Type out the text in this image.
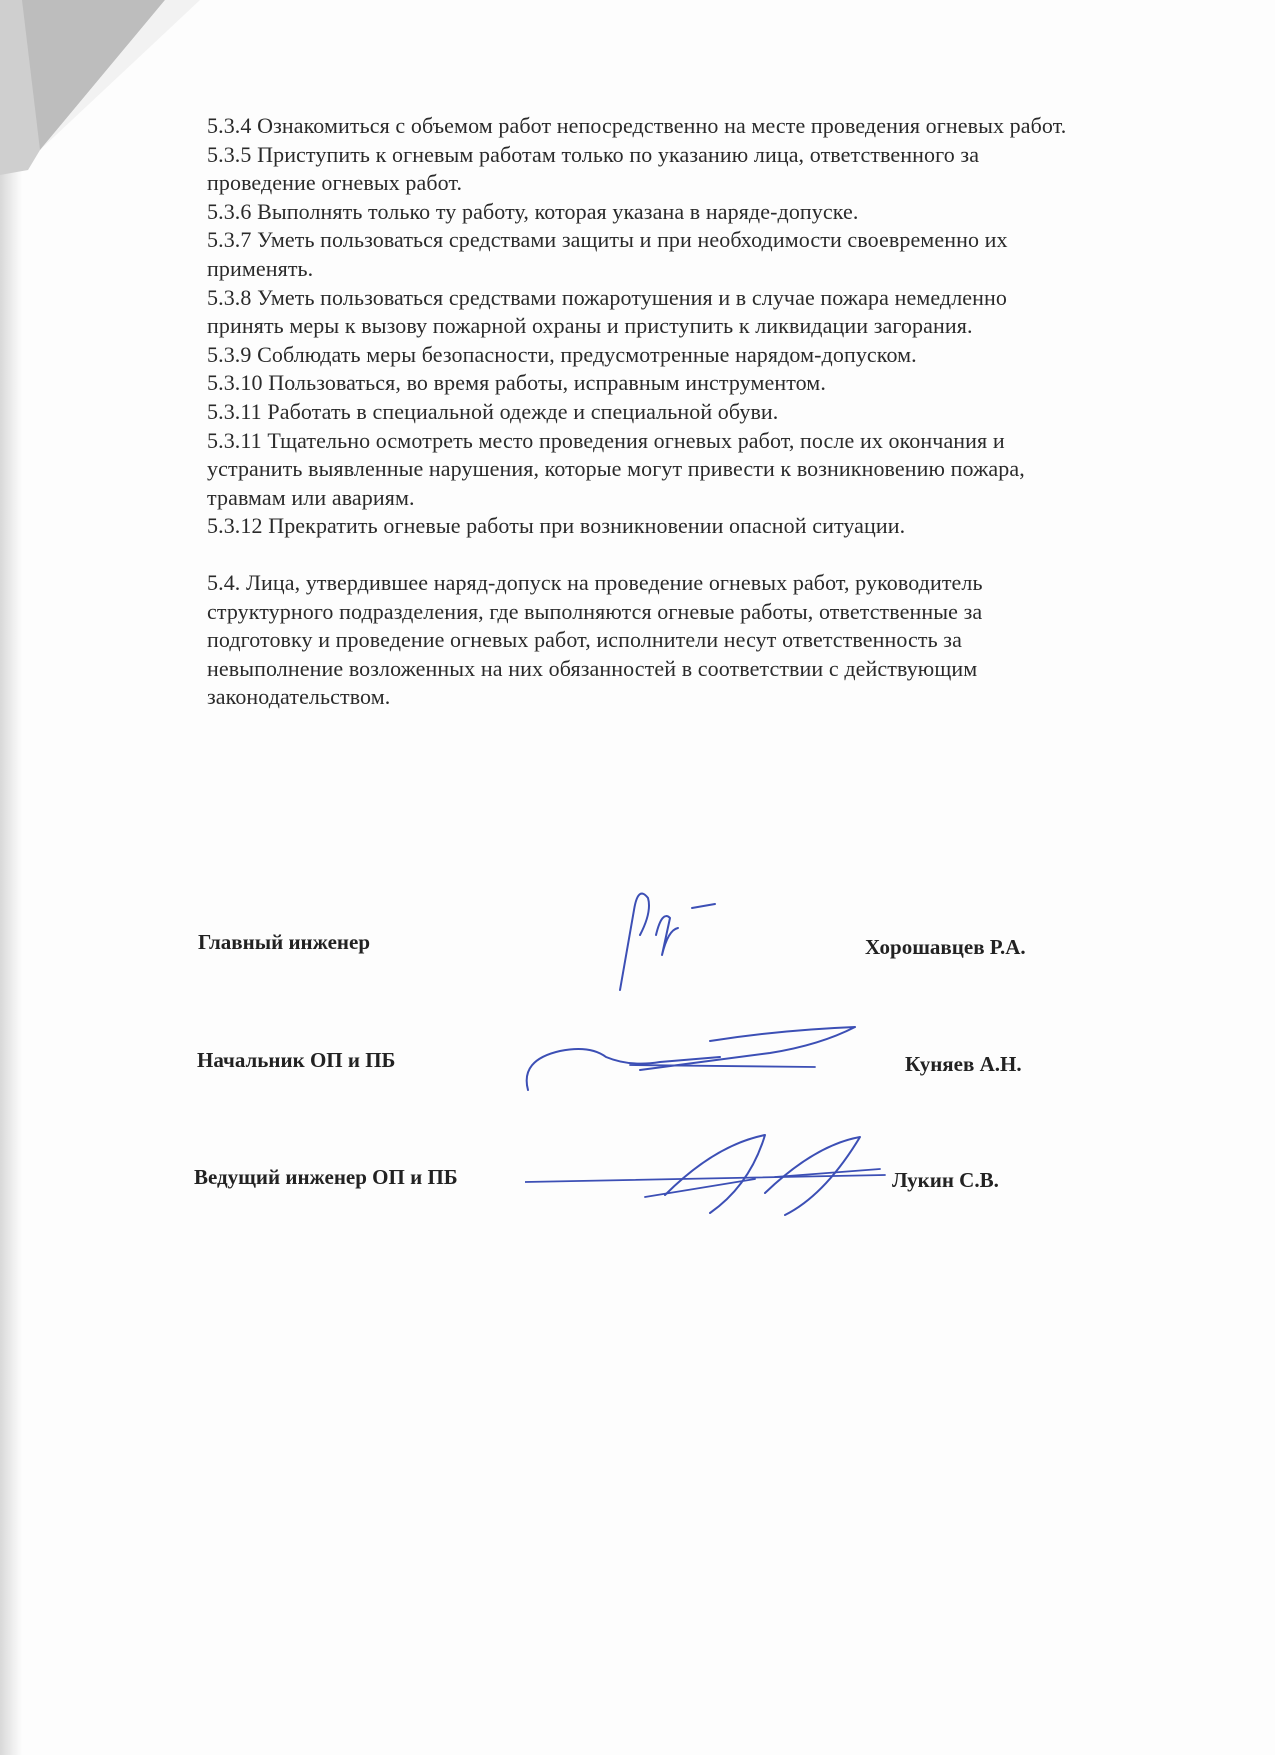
5.3.4 Ознакомиться с объемом работ непосредственно на месте проведения огневых работ.

5.3.5 Приступить к огневым работам только по указанию лица, ответственного за

проведение огневых работ.

5.3.6 Выполнять только ту работу, которая указана в наряде-допуске.

5.3.7 Уметь пользоваться средствами защиты и при необходимости своевременно их

применять.

5.3.8 Уметь пользоваться средствами пожаротушения и в случае пожара немедленно

принять меры к вызову пожарной охраны и приступить к ликвидации загорания.

5.3.9 Соблюдать меры безопасности, предусмотренные нарядом-допуском.

5.3.10 Пользоваться, во время работы, исправным инструментом.

5.3.11 Работать в специальной одежде и специальной обуви.

5.3.11 Тщательно осмотреть место проведения огневых работ, после их окончания и

устранить выявленные нарушения, которые могут привести к возникновению пожара,

травмам или авариям.

5.3.12 Прекратить огневые работы при возникновении опасной ситуации.

5.4. Лица, утвердившее наряд-допуск на проведение огневых работ, руководитель

структурного подразделения, где выполняются огневые работы, ответственные за

подготовку и проведение огневых работ, исполнители несут ответственность за

невыполнение возложенных на них обязанностей в соответствии с действующим

законодательством.

Главный инженер	Хорошавцев Р.А.
Начальник ОП и ПБ	Куняев А.Н.
Ведущий инженер ОП и ПБ	Лукин С.В.
